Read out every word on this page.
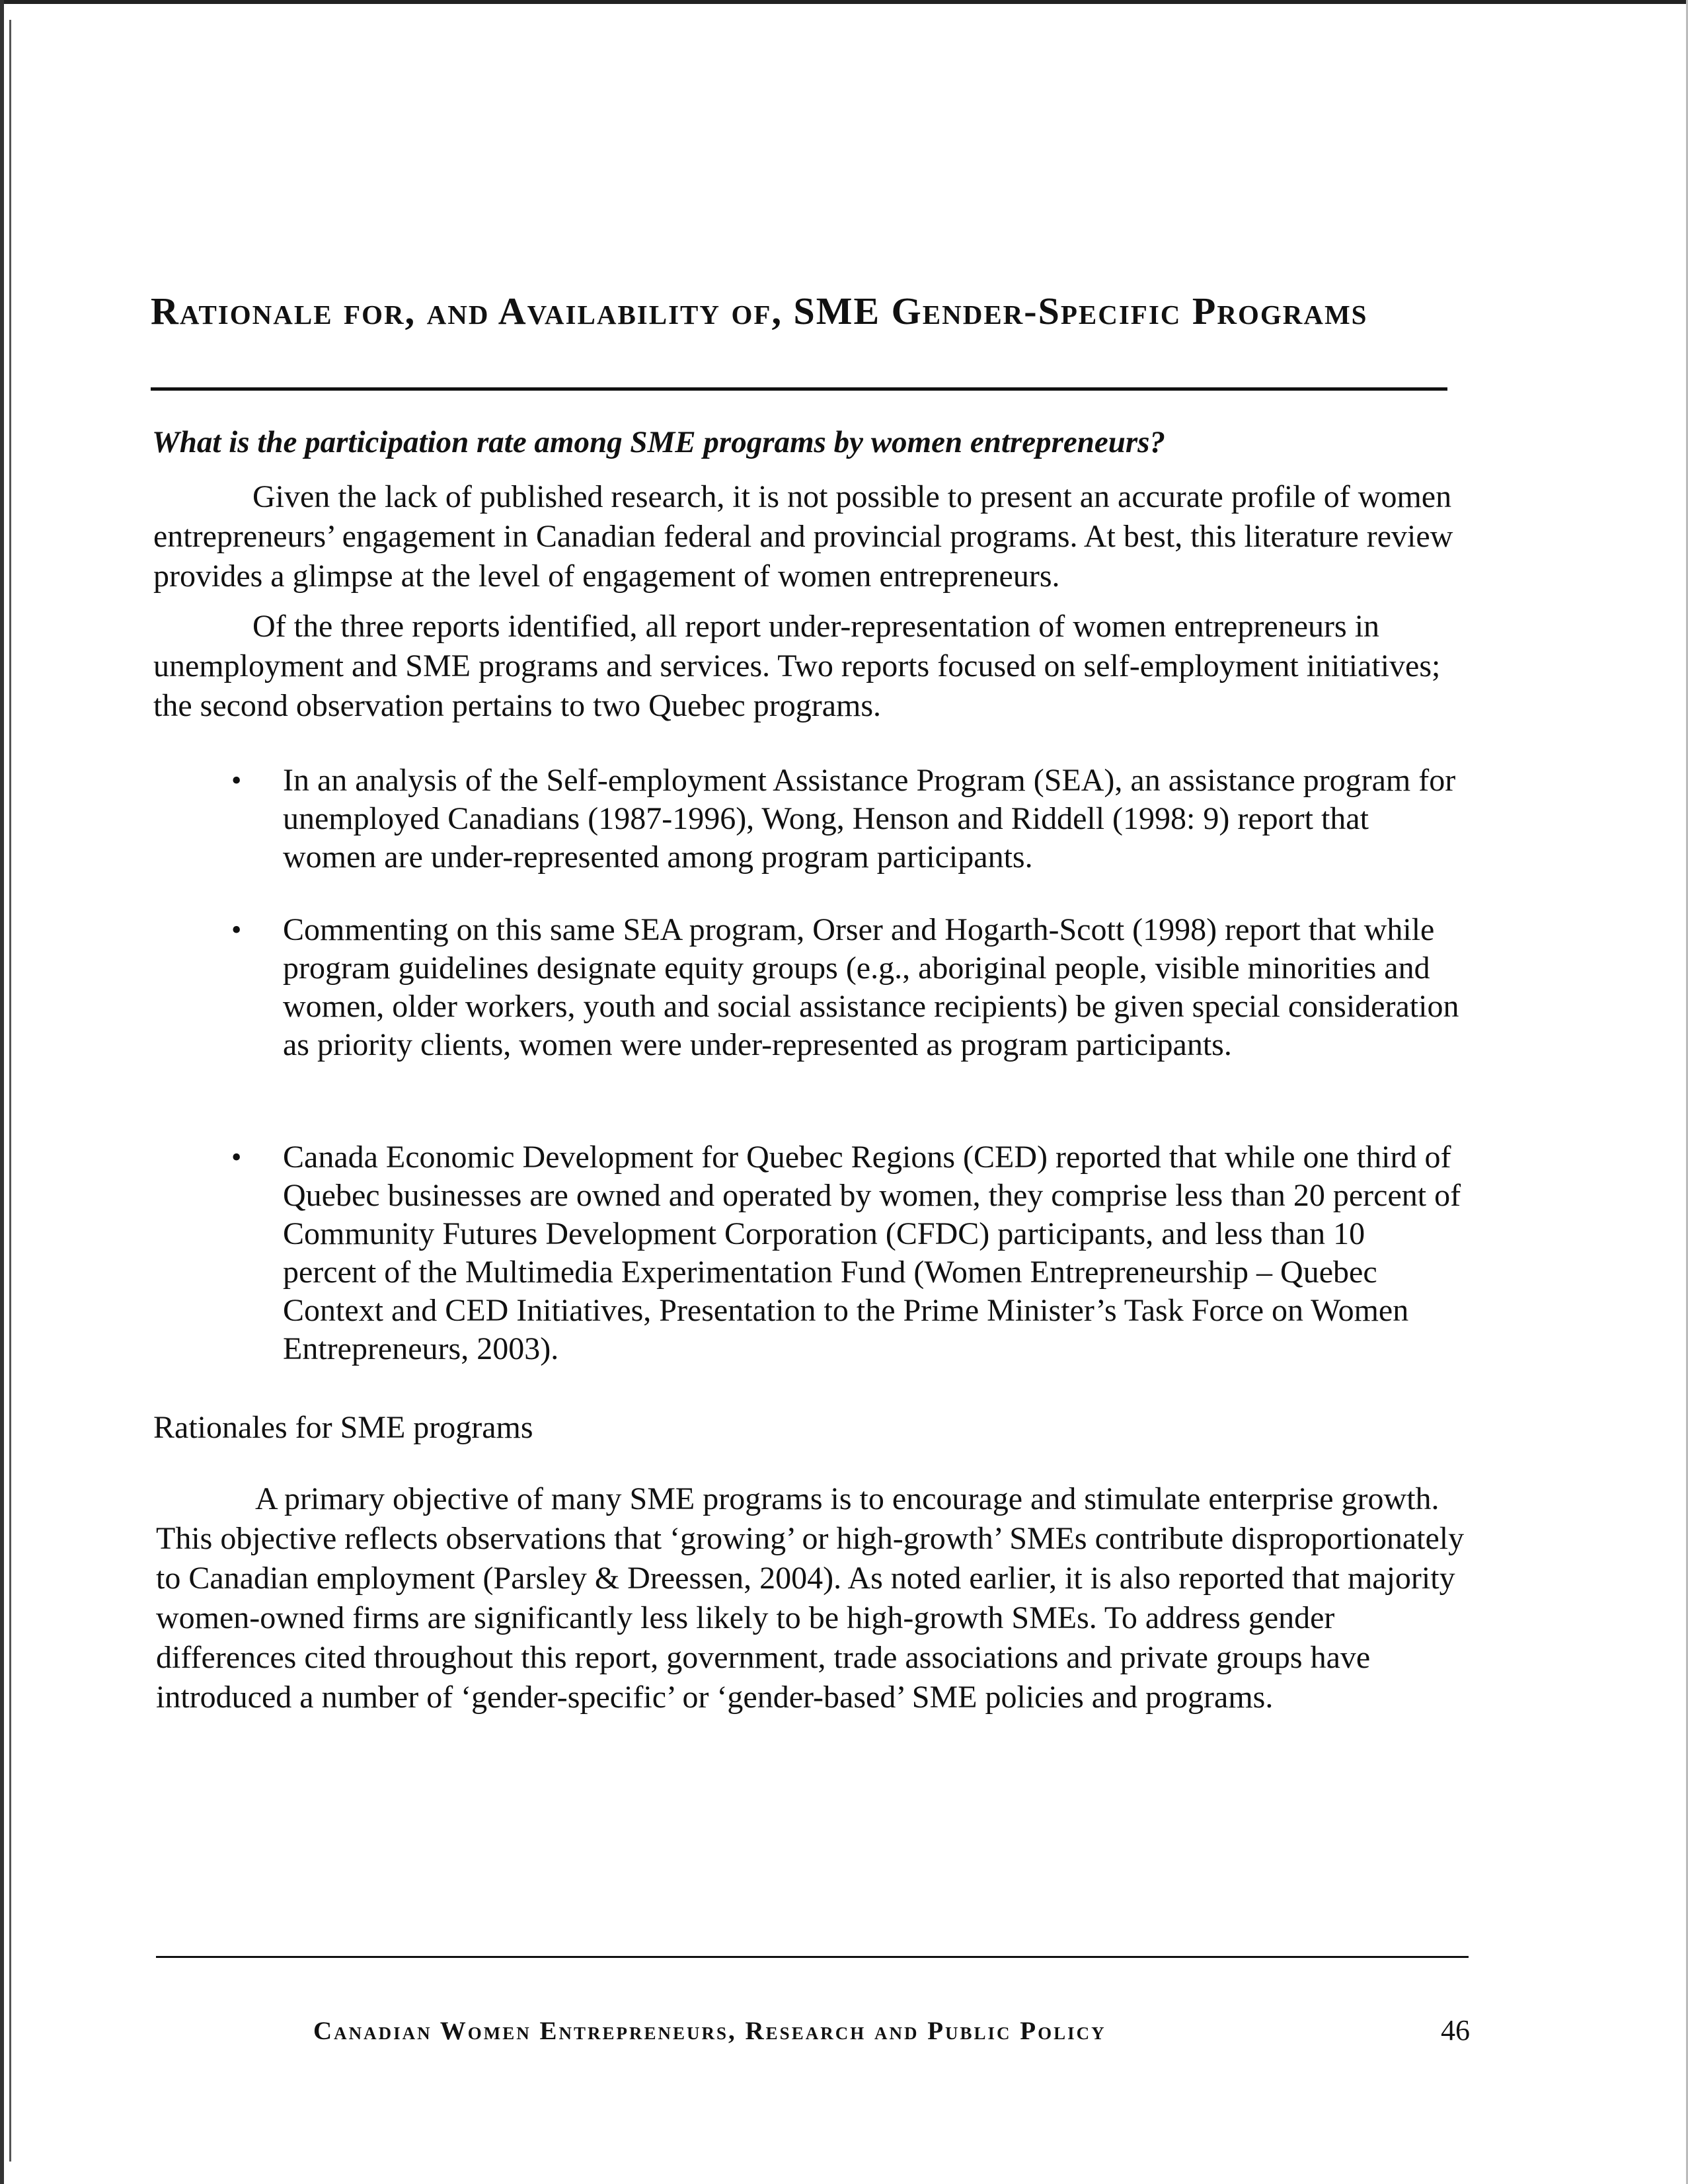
Rationale for, and Availability of, SME Gender-Specific Programs
What is the participation rate among SME programs by women entrepreneurs?

Given the lack of published research, it is not possible to present an accurate profile of women entrepreneurs’ engagement in Canadian federal and provincial programs. At best, this literature review provides a glimpse at the level of engagement of women entrepreneurs.

Of the three reports identified, all report under-representation of women entrepreneurs in unemployment and SME programs and services. Two reports focused on self-employment initiatives; the second observation pertains to two Quebec programs.

• In an analysis of the Self-employment Assistance Program (SEA), an assistance program for unemployed Canadians (1987-1996), Wong, Henson and Riddell (1998: 9) report that women are under-represented among program participants.
• Commenting on this same SEA program, Orser and Hogarth-Scott (1998) report that while program guidelines designate equity groups (e.g., aboriginal people, visible minorities and women, older workers, youth and social assistance recipients) be given special consideration as priority clients, women were under-represented as program participants.
• Canada Economic Development for Quebec Regions (CED) reported that while one third of Quebec businesses are owned and operated by women, they comprise less than 20 percent of Community Futures Development Corporation (CFDC) participants, and less than 10 percent of the Multimedia Experimentation Fund (Women Entrepreneurship – Quebec Context and CED Initiatives, Presentation to the Prime Minister’s Task Force on Women Entrepreneurs, 2003).
Rationales for SME programs

A primary objective of many SME programs is to encourage and stimulate enterprise growth. This objective reflects observations that ‘growing’ or high-growth’ SMEs contribute disproportionately to Canadian employment (Parsley & Dreessen, 2004). As noted earlier, it is also reported that majority women-owned firms are significantly less likely to be high-growth SMEs. To address gender differences cited throughout this report, government, trade associations and private groups have introduced a number of ‘gender-specific’ or ‘gender-based’ SME policies and programs.

Canadian Women Entrepreneurs, Research and Public Policy	46
